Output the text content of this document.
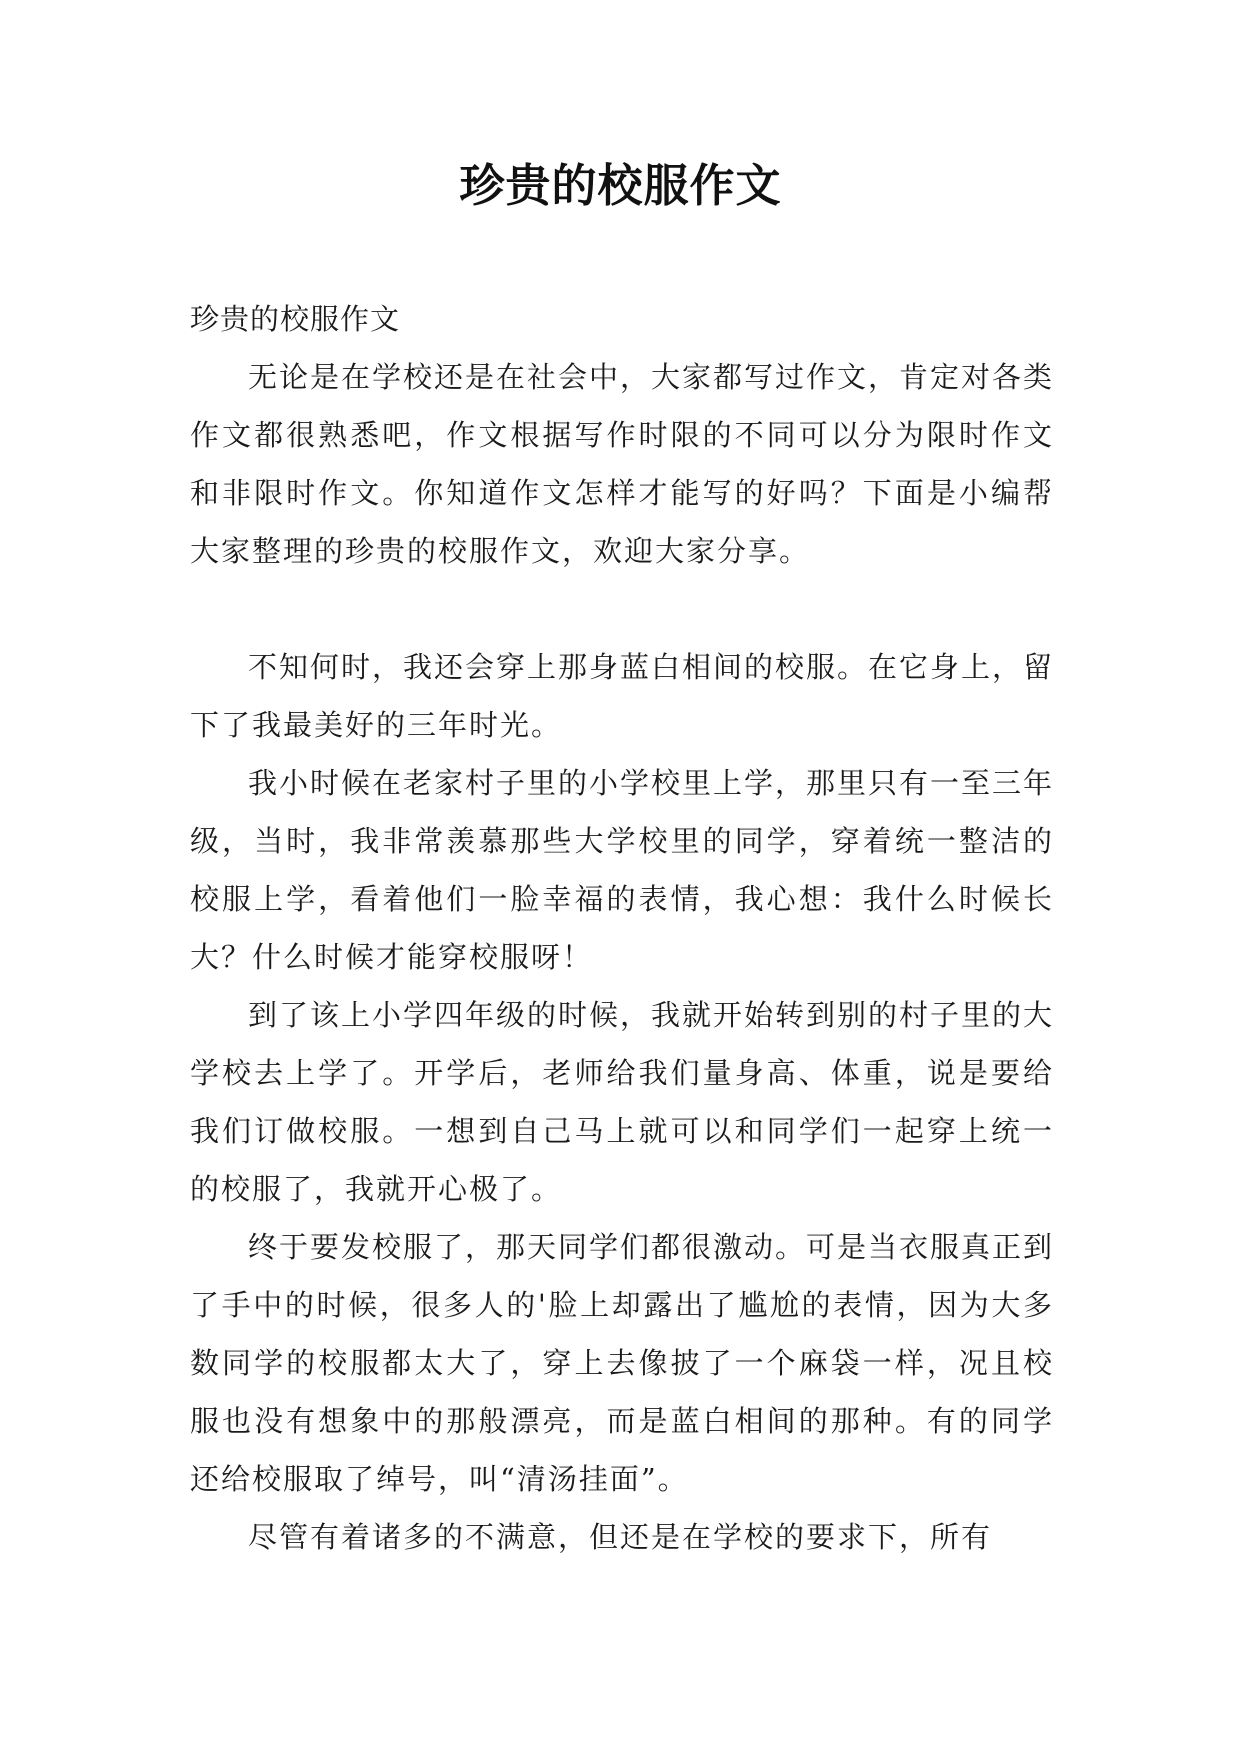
珍贵的校服作文

珍贵的校服作文

无论是在学校还是在社会中，大家都写过作文，肯定对各类作文都很熟悉吧，作文根据写作时限的不同可以分为限时作文和非限时作文。你知道作文怎样才能写的好吗？下面是小编帮大家整理的珍贵的校服作文，欢迎大家分享。

不知何时，我还会穿上那身蓝白相间的校服。在它身上，留下了我最美好的三年时光。

我小时候在老家村子里的小学校里上学，那里只有一至三年级，当时，我非常羡慕那些大学校里的同学，穿着统一整洁的校服上学，看着他们一脸幸福的表情，我心想：我什么时候长大？什么时候才能穿校服呀！

到了该上小学四年级的时候，我就开始转到别的村子里的大学校去上学了。开学后，老师给我们量身高、体重，说是要给我们订做校服。一想到自己马上就可以和同学们一起穿上统一的校服了，我就开心极了。

终于要发校服了，那天同学们都很激动。可是当衣服真正到了手中的时候，很多人的'脸上却露出了尴尬的表情，因为大多数同学的校服都太大了，穿上去像披了一个麻袋一样，况且校服也没有想象中的那般漂亮，而是蓝白相间的那种。有的同学还给校服取了绰号，叫“清汤挂面”。

尽管有着诸多的不满意，但还是在学校的要求下，所有
